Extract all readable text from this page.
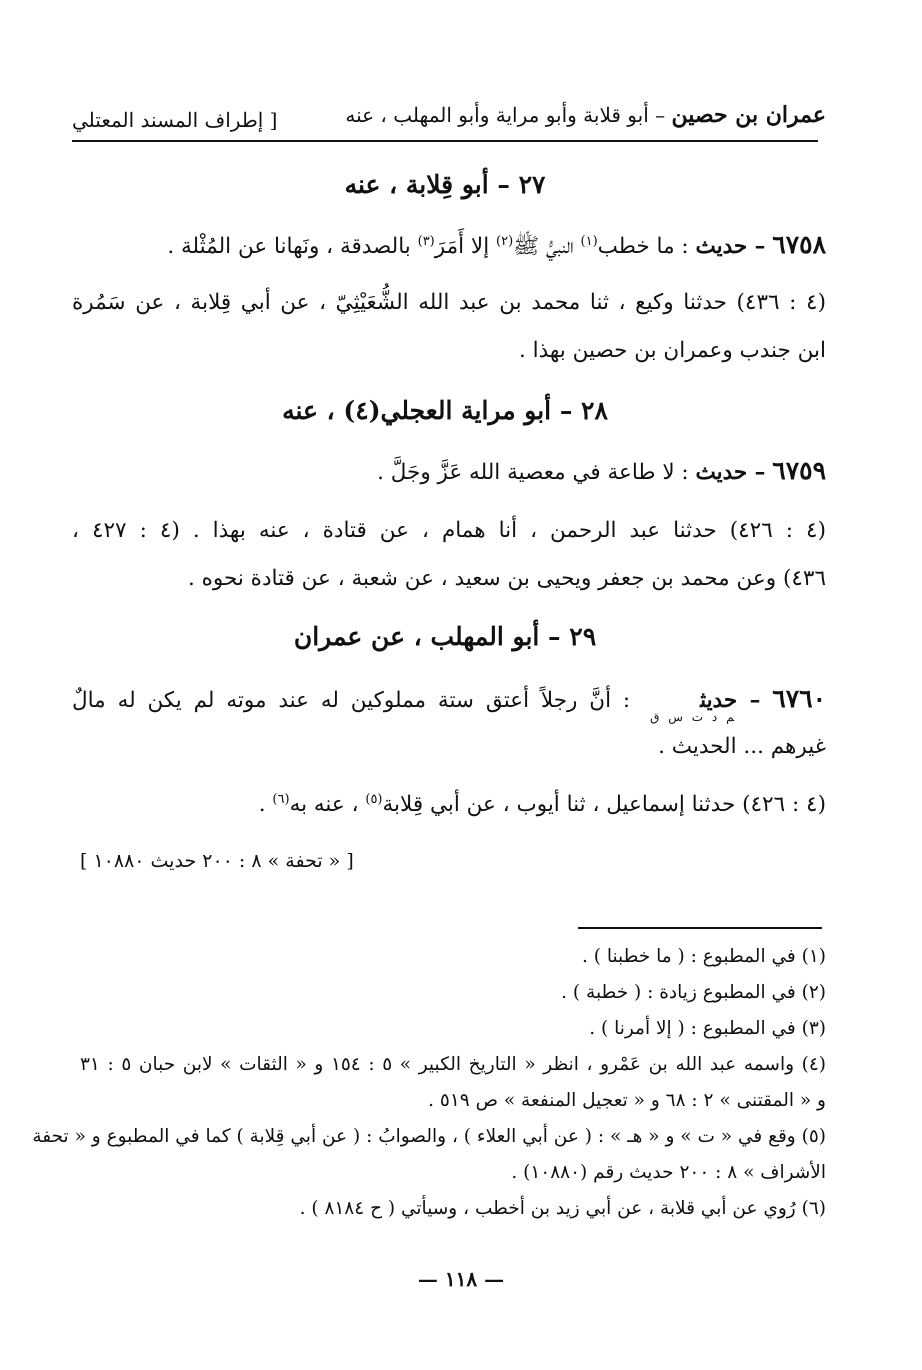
عمران بن حصين – أبو قلابة وأبو مراية وأبو المهلب ، عنه
[ إطراف المسند المعتلي
٢٧ – أبو قِلابة ، عنه
٦٧٥٨ – حديث : ما خطب$^{(١)}$ النبيُّ ﷺ$^{(٢)}$ إلا أَمَرَ$^{(٣)}$ بالصدقة ، ونَهانا عن المُثْلة .
(٤ : ٤٣٦) حدثنا وكيع ، ثنا محمد بن عبد الله الشُّعَيْثِيّ ، عن أبي قِلابة ، عن سَمُرة
ابن جندب وعمران بن حصين بهذا .
٢٨ – أبو مراية العجلي(٤) ، عنه
٦٧٥٩ – حديث : لا طاعة في معصية الله عَزَّ وجَلَّ .
(٤ : ٤٢٦) حدثنا عبد الرحمن ، أنا همام ، عن قتادة ، عنه بهذا . (٤ : ٤٢٧ ،
٤٣٦) وعن محمد بن جعفر ويحيى بن سعيد ، عن شعبة ، عن قتادة نحوه .
٢٩ – أبو المهلب ، عن عمران
٦٧٦٠ – حديث$_{م د ت س ق}$ : أنَّ رجلاً أعتق ستة مملوكين له عند موته لم يكن له مالٌ
غيرهم ... الحديث .
(٤ : ٤٢٦) حدثنا إسماعيل ، ثنا أيوب ، عن أبي قِلابة$^{(٥)}$ ، عنه به$^{(٦)}$ .
[ « تحفة » ٨ : ٢٠٠ حديث ١٠٨٨٠ ]
(١) في المطبوع : ( ما خطبنا ) .
(٢) في المطبوع زيادة : ( خطبة ) .
(٣) في المطبوع : ( إلا أمرنا ) .
(٤) واسمه عبد الله بن عَمْرو ، انظر « التاريخ الكبير » ٥ : ١٥٤ و « الثقات » لابن حبان ٥ : ٣١
و « المقتنى » ٢ : ٦٨ و « تعجيل المنفعة » ص ٥١٩ .
(٥) وقع في « ت » و « هـ » : ( عن أبي العلاء ) ، والصوابُ : ( عن أبي قِلابة ) كما في المطبوع و « تحفة
الأشراف » ٨ : ٢٠٠ حديث رقم (١٠٨٨٠) .
(٦) رُوي عن أبي قلابة ، عن أبي زيد بن أخطب ، وسيأتي ( ح ٨١٨٤ ) .
— ١١٨ —
